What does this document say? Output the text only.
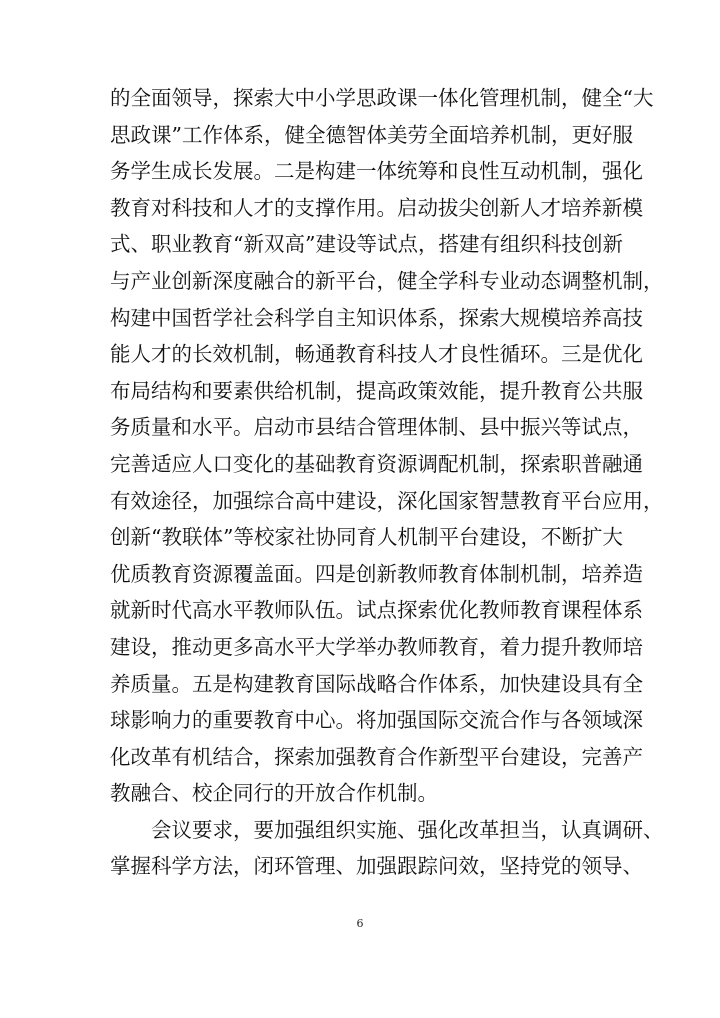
的全面领导，探索大中小学思政课一体化管理机制，健全“大
思政课”工作体系，健全德智体美劳全面培养机制，更好服
务学生成长发展。二是构建一体统筹和良性互动机制，强化
教育对科技和人才的支撑作用。启动拔尖创新人才培养新模
式、职业教育“新双高”建设等试点，搭建有组织科技创新
与产业创新深度融合的新平台，健全学科专业动态调整机制，
构建中国哲学社会科学自主知识体系，探索大规模培养高技
能人才的长效机制，畅通教育科技人才良性循环。三是优化
布局结构和要素供给机制，提高政策效能，提升教育公共服
务质量和水平。启动市县结合管理体制、县中振兴等试点，
完善适应人口变化的基础教育资源调配机制，探索职普融通
有效途径，加强综合高中建设，深化国家智慧教育平台应用，
创新“教联体”等校家社协同育人机制平台建设，不断扩大
优质教育资源覆盖面。四是创新教师教育体制机制，培养造
就新时代高水平教师队伍。试点探索优化教师教育课程体系
建设，推动更多高水平大学举办教师教育，着力提升教师培
养质量。五是构建教育国际战略合作体系，加快建设具有全
球影响力的重要教育中心。将加强国际交流合作与各领域深
化改革有机结合，探索加强教育合作新型平台建设，完善产
教融合、校企同行的开放合作机制。
会议要求，要加强组织实施、强化改革担当，认真调研、
掌握科学方法，闭环管理、加强跟踪问效，坚持党的领导、
6
